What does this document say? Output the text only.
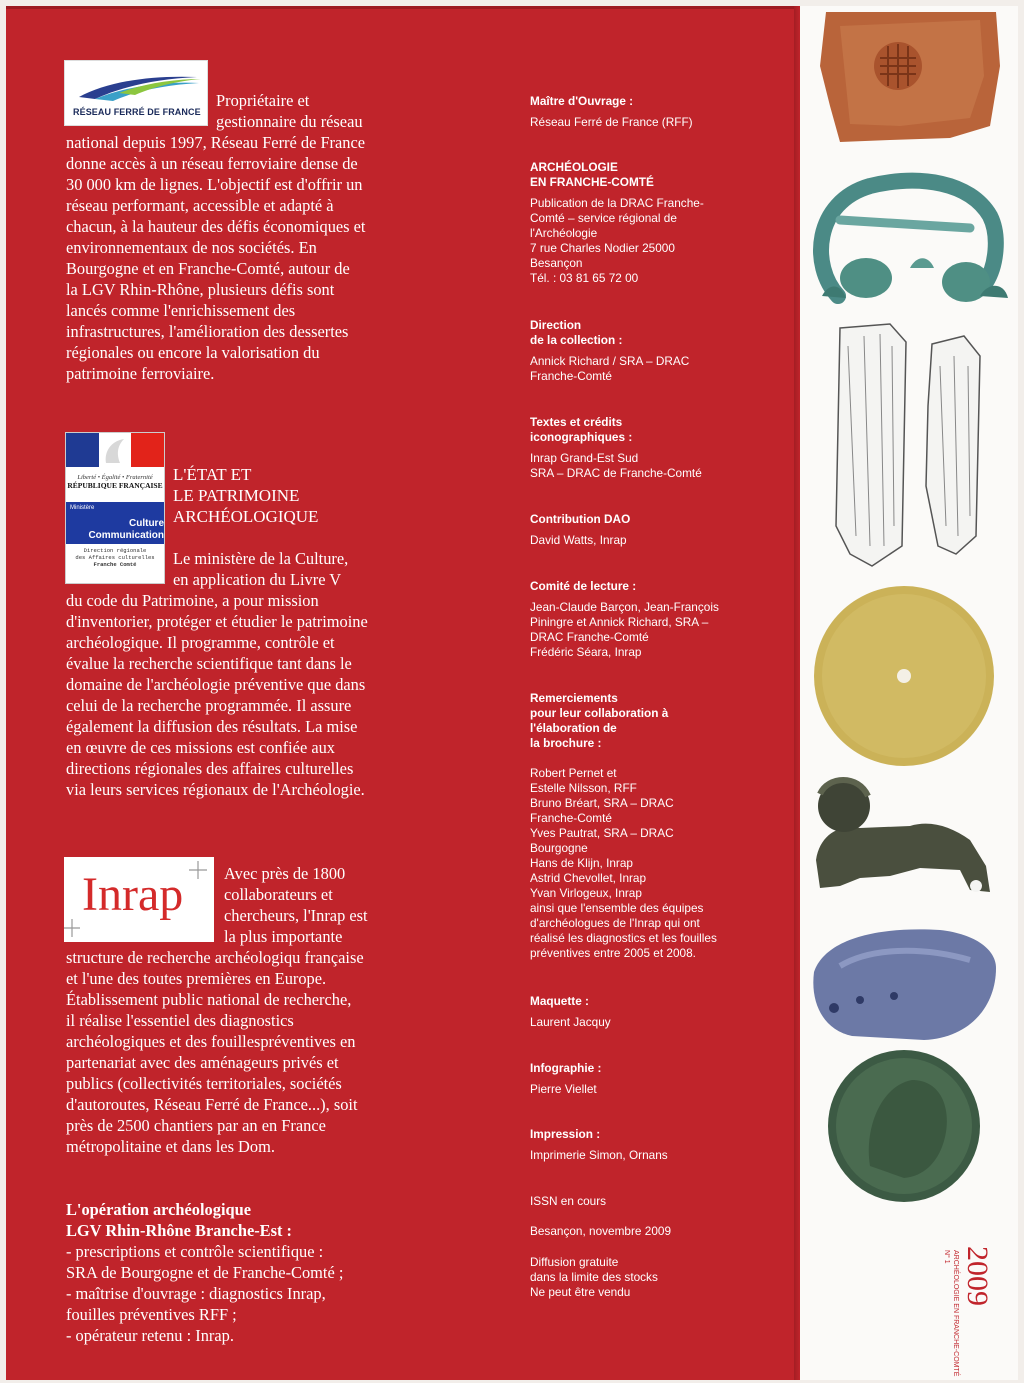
RÉSEAU FERRÉ DE FRANCE
Propriétaire et
gestionnaire du réseau
national depuis 1997, Réseau Ferré de France
donne accès à un réseau ferroviaire dense de
30 000 km de lignes. L'objectif est d'offrir un
réseau performant, accessible et adapté à
chacun, à la hauteur des défis économiques et
environnementaux de nos sociétés. En
Bourgogne et en Franche-Comté, autour de
la LGV Rhin-Rhône, plusieurs défis sont
lancés comme l'enrichissement des
infrastructures, l'amélioration des dessertes
régionales ou encore la valorisation du
patrimoine ferroviaire.
Liberté • Égalité • Fraternité
RÉPUBLIQUE FRANÇAISE
Ministère
Culture
Communication
Direction régionale
des Affaires culturelles
Franche Comté
L'ÉTAT ET
LE PATRIMOINE
ARCHÉOLOGIQUE
Le ministère de la Culture,
en application du Livre V
du code du Patrimoine, a pour mission
d'inventorier, protéger et étudier le patrimoine
archéologique. Il programme, contrôle et
évalue la recherche scientifique tant dans le
domaine de l'archéologie préventive que dans
celui de la recherche programmée. Il assure
également la diffusion des résultats. La mise
en œuvre de ces missions est confiée aux
directions régionales des affaires culturelles
via leurs services régionaux de l'Archéologie.
Inrap Avec près de 1800
collaborateurs et
chercheurs, l'Inrap est
la plus importante
structure de recherche archéologiqu française
et l'une des toutes premières en Europe.
Établissement public national de recherche,
il réalise l'essentiel des diagnostics
archéologiques et des fouillespréventives en
partenariat avec des aménageurs privés et
publics (collectivités territoriales, sociétés
d'autoroutes, Réseau Ferré de France...), soit
près de 2500 chantiers par an en France
métropolitaine et dans les Dom.
L'opération archéologique
LGV Rhin-Rhône Branche-Est :
- prescriptions et contrôle scientifique :
SRA de Bourgogne et de Franche-Comté ;
- maîtrise d'ouvrage : diagnostics Inrap,
fouilles préventives RFF ;
- opérateur retenu : Inrap.
Maître d'Ouvrage :
Réseau Ferré de France (RFF)
ARCHÉOLOGIE
EN FRANCHE-COMTÉ
Publication de la DRAC Franche-
Comté – service régional de
l'Archéologie
7 rue Charles Nodier 25000
Besançon
Tél. : 03 81 65 72 00
Direction
de la collection :
Annick Richard / SRA – DRAC
Franche-Comté
Textes et crédits
iconographiques :
Inrap Grand-Est Sud
SRA – DRAC de Franche-Comté
Contribution DAO
David Watts, Inrap
Comité de lecture :
Jean-Claude Barçon, Jean-François
Piningre et Annick Richard, SRA –
DRAC Franche-Comté
Frédéric Séara, Inrap
Remerciements
pour leur collaboration à
l'élaboration de
la brochure :
Robert Pernet et
Estelle Nilsson, RFF
Bruno Bréart, SRA – DRAC
Franche-Comté
Yves Pautrat, SRA – DRAC
Bourgogne
Hans de Klijn, Inrap
Astrid Chevollet, Inrap
Yvan Virlogeux, Inrap
ainsi que l'ensemble des équipes
d'archéologues de l'Inrap qui ont
réalisé les diagnostics et les fouilles
préventives entre 2005 et 2008.
Maquette :
Laurent Jacquy
Infographie :
Pierre Viellet
Impression :
Imprimerie Simon, Ornans
ISSN en cours
Besançon, novembre 2009
Diffusion gratuite
dans la limite des stocks
Ne peut être vendu	2009
ARCHÉOLOGIE EN FRANCHE-COMTÉ N° 1
